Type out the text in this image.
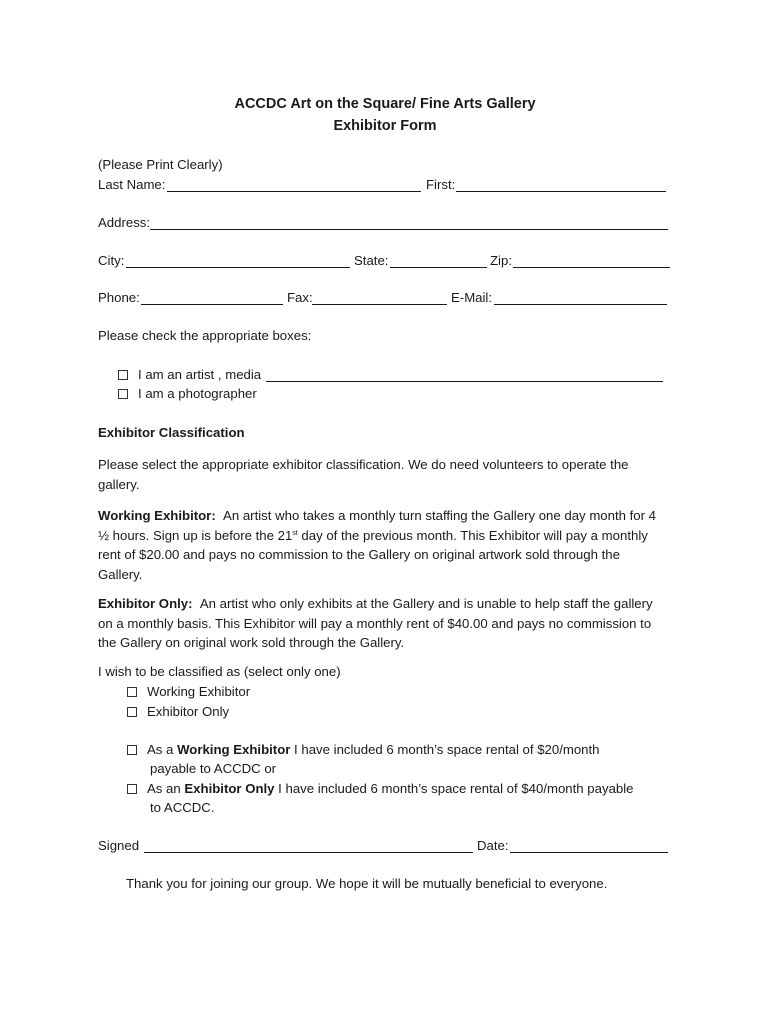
ACCDC Art on the Square/ Fine Arts Gallery
Exhibitor Form
(Please Print Clearly)
Last Name:	First:
Address:
City:	State:	Zip:
Phone:	Fax:	E-Mail:
Please check the appropriate boxes:
I am an artist , media
I am a photographer
Exhibitor Classification
Please select the appropriate exhibitor classification. We do need volunteers to operate the gallery.
Working Exhibitor: An artist who takes a monthly turn staffing the Gallery one day month for 4 ½ hours. Sign up is before the 21st day of the previous month. This Exhibitor will pay a monthly rent of $20.00 and pays no commission to the Gallery on original artwork sold through the Gallery.
Exhibitor Only: An artist who only exhibits at the Gallery and is unable to help staff the gallery on a monthly basis. This Exhibitor will pay a monthly rent of $40.00 and pays no commission to the Gallery on original work sold through the Gallery.
I wish to be classified as (select only one)
Working Exhibitor
Exhibitor Only
As a Working Exhibitor I have included 6 month’s space rental of $20/month
payable to ACCDC or
As an Exhibitor Only I have included 6 month’s space rental of $40/month payable
to ACCDC.
Signed	Date:
Thank you for joining our group. We hope it will be mutually beneficial to everyone.
